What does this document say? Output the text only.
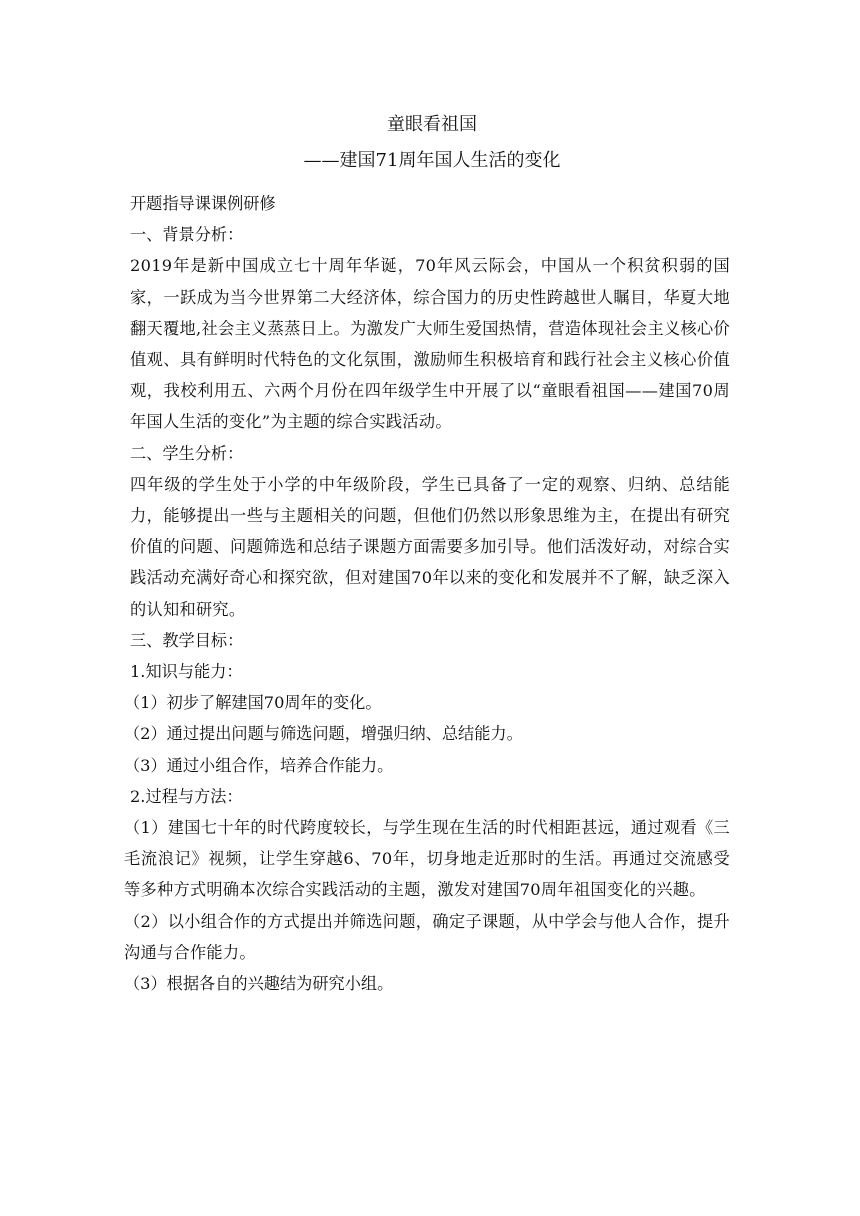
童眼看祖国
——建国71周年国人生活的变化
开题指导课课例研修
一、背景分析：
2019年是新中国成立七十周年华诞，70年风云际会，中国从一个积贫积弱的国家，一跃成为当今世界第二大经济体，综合国力的历史性跨越世人瞩目，华夏大地翻天覆地,社会主义蒸蒸日上。为激发广大师生爱国热情，营造体现社会主义核心价值观、具有鲜明时代特色的文化氛围，激励师生积极培育和践行社会主义核心价值观，我校利用五、六两个月份在四年级学生中开展了以“童眼看祖国——建国70周年国人生活的变化”为主题的综合实践活动。
二、学生分析：
四年级的学生处于小学的中年级阶段，学生已具备了一定的观察、归纳、总结能力，能够提出一些与主题相关的问题，但他们仍然以形象思维为主，在提出有研究价值的问题、问题筛选和总结子课题方面需要多加引导。他们活泼好动，对综合实践活动充满好奇心和探究欲，但对建国70年以来的变化和发展并不了解，缺乏深入的认知和研究。
三、教学目标：
1.知识与能力：
（1）初步了解建国70周年的变化。
（2）通过提出问题与筛选问题，增强归纳、总结能力。
（3）通过小组合作，培养合作能力。
2.过程与方法：
（1）建国七十年的时代跨度较长，与学生现在生活的时代相距甚远，通过观看《三毛流浪记》视频，让学生穿越6、70年，切身地走近那时的生活。再通过交流感受等多种方式明确本次综合实践活动的主题，激发对建国70周年祖国变化的兴趣。
（2）以小组合作的方式提出并筛选问题，确定子课题，从中学会与他人合作，提升沟通与合作能力。
（3）根据各自的兴趣结为研究小组。
